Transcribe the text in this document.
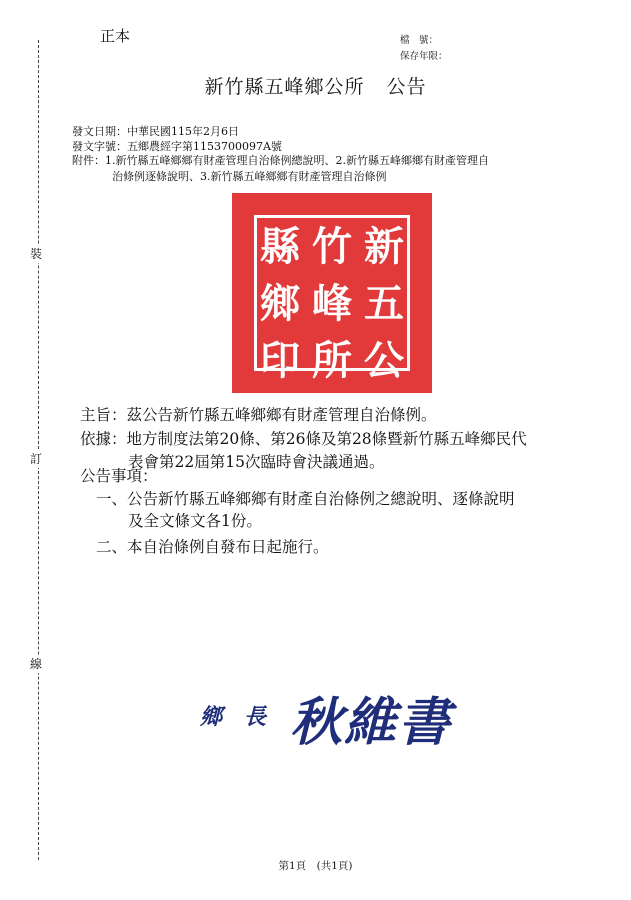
裝
訂
線
正本	檔　號：
保存年限：
新竹縣五峰鄉公所 公告
發文日期：中華民國115年2月6日
發文字號：五鄉農經字第1153700097A號
附件：1.新竹縣五峰鄉鄉有財產管理自治條例總說明、2.新竹縣五峰鄉鄉有財產管理自
治條例逐條說明、3.新竹縣五峰鄉鄉有財產管理自治條例
縣 竹 新
鄉 峰 五
印 所 公
主旨：茲公告新竹縣五峰鄉鄉有財產管理自治條例。
依據：地方制度法第20條、第26條及第28條暨新竹縣五峰鄉民代
表會第22屆第15次臨時會決議通過。
公告事項：
一、公告新竹縣五峰鄉鄉有財產自治條例之總說明、逐條說明
及全文條文各1份。
二、本自治條例自發布日起施行。
鄉　長 秋維書
第1頁　(共1頁)
